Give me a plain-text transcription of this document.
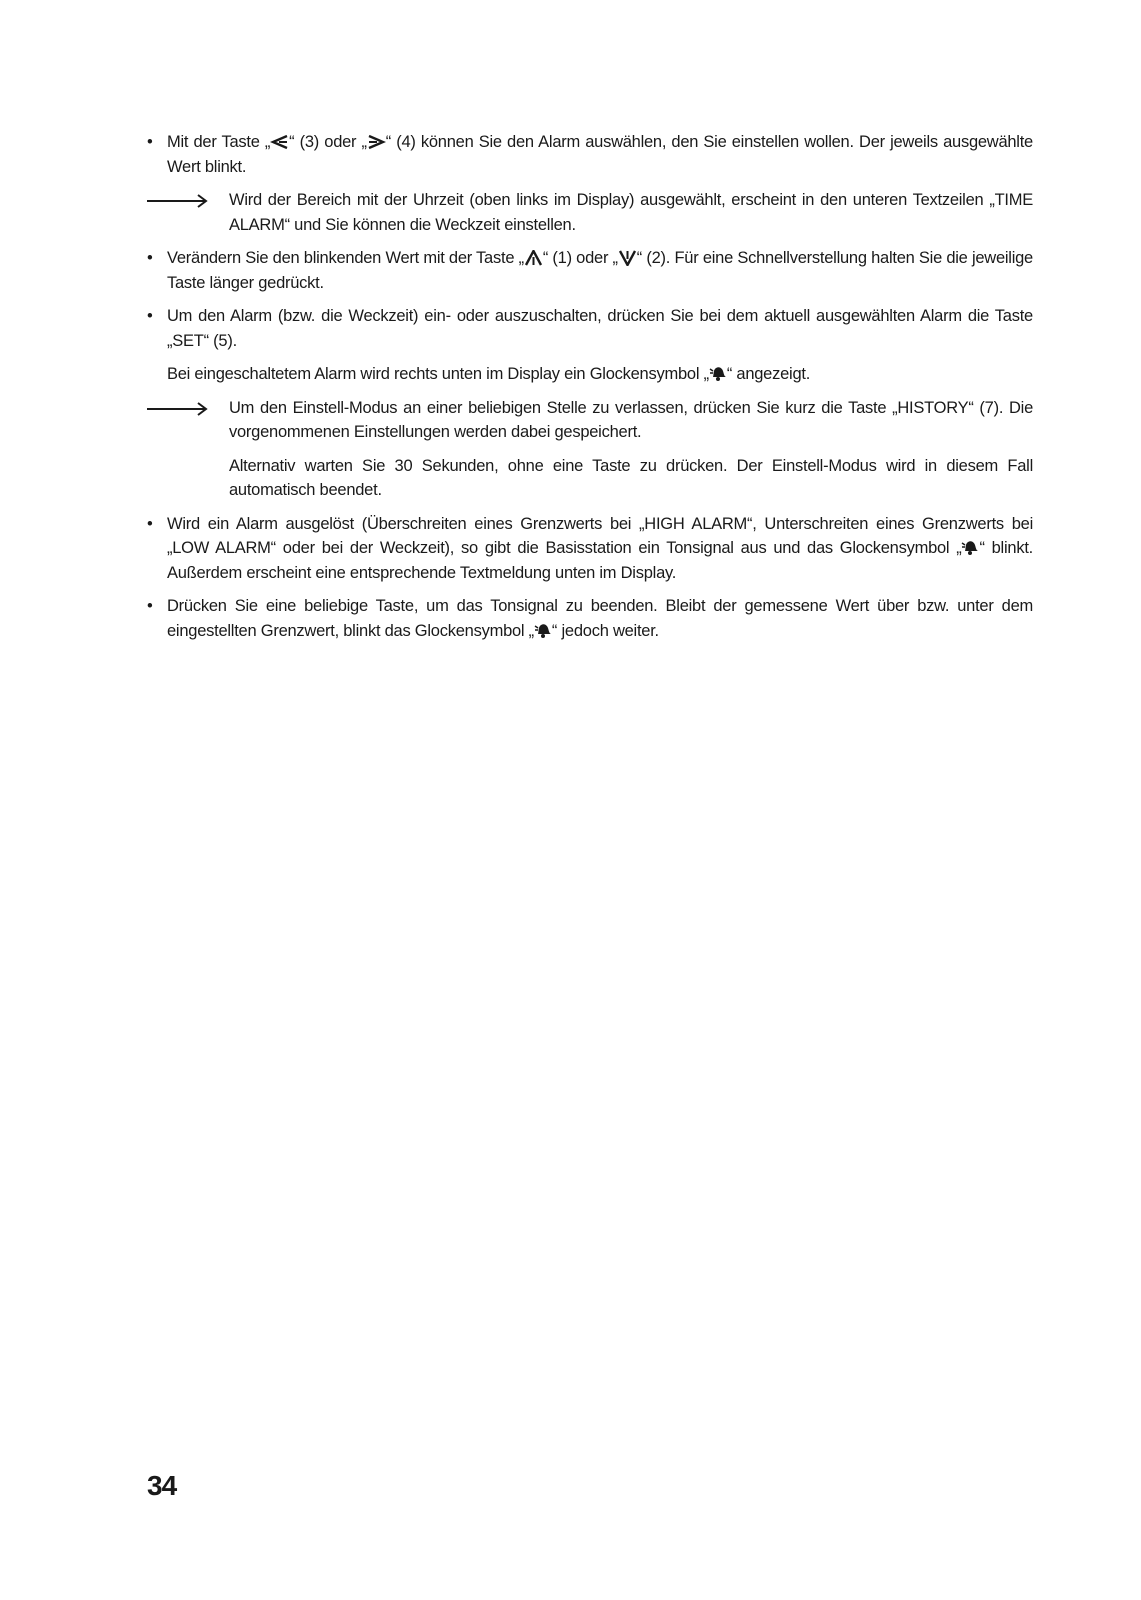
• Mit der Taste „ “ (3) oder „ “ (4) können Sie den Alarm auswählen, den Sie einstellen wollen. Der jeweils ausgewählte Wert blinkt.
Wird der Bereich mit der Uhrzeit (oben links im Display) ausgewählt, erscheint in den unteren Textzeilen „TIME ALARM“ und Sie können die Weckzeit einstellen.
• Verändern Sie den blinkenden Wert mit der Taste „ “ (1) oder „ “ (2). Für eine Schnellverstellung halten Sie die jeweilige Taste länger gedrückt.
• Um den Alarm (bzw. die Weckzeit) ein- oder auszuschalten, drücken Sie bei dem aktuell ausgewählten Alarm die Taste „SET“ (5).
Bei eingeschaltetem Alarm wird rechts unten im Display ein Glockensymbol „ “ angezeigt.
Um den Einstell-Modus an einer beliebigen Stelle zu verlassen, drücken Sie kurz die Taste „HISTORY“ (7). Die vorgenommenen Einstellungen werden dabei gespeichert.
Alternativ warten Sie 30 Sekunden, ohne eine Taste zu drücken. Der Einstell-Modus wird in diesem Fall automatisch beendet.
• Wird ein Alarm ausgelöst (Überschreiten eines Grenzwerts bei „HIGH ALARM“, Unterschreiten eines Grenzwerts bei „LOW ALARM“ oder bei der Weckzeit), so gibt die Basisstation ein Tonsignal aus und das Glockensymbol „ “ blinkt. Außerdem erscheint eine entsprechende Textmeldung unten im Display.
• Drücken Sie eine beliebige Taste, um das Tonsignal zu beenden. Bleibt der gemessene Wert über bzw. unter dem eingestellten Grenzwert, blinkt das Glockensymbol „ “ jedoch weiter.
34
